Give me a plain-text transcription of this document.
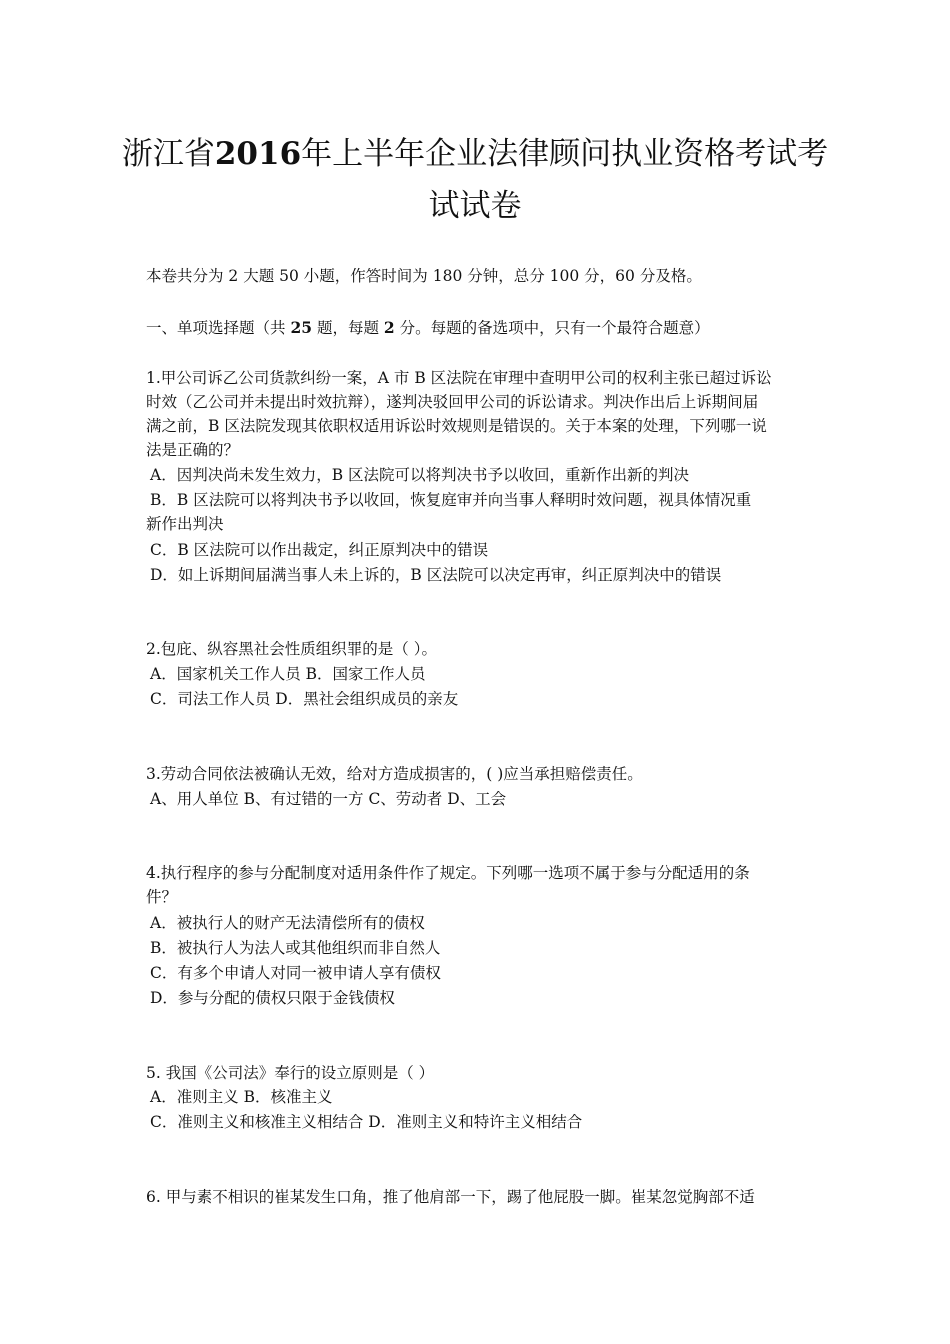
浙江省2016年上半年企业法律顾问执业资格考试考
试试卷
本卷共分为 2 大题 50 小题，作答时间为 180 分钟，总分 100 分，60 分及格。
一、单项选择题（共 25 题，每题 2 分。每题的备选项中，只有一个最符合题意）
1.甲公司诉乙公司货款纠纷一案，A 市 B 区法院在审理中查明甲公司的权利主张已超过诉讼
时效（乙公司并未提出时效抗辩），遂判决驳回甲公司的诉讼请求。判决作出后上诉期间届
满之前，B 区法院发现其依职权适用诉讼时效规则是错误的。关于本案的处理，下列哪一说
法是正确的？
A．因判决尚未发生效力，B 区法院可以将判决书予以收回，重新作出新的判决
B．B 区法院可以将判决书予以收回，恢复庭审并向当事人释明时效问题，视具体情况重
新作出判决
C．B 区法院可以作出裁定，纠正原判决中的错误
D．如上诉期间届满当事人未上诉的，B 区法院可以决定再审，纠正原判决中的错误
2.包庇、纵容黑社会性质组织罪的是（ ）。
A．国家机关工作人员 B．国家工作人员
C．司法工作人员 D．黑社会组织成员的亲友
3.劳动合同依法被确认无效，给对方造成损害的，( )应当承担赔偿责任。
A、用人单位 B、有过错的一方 C、劳动者 D、工会
4.执行程序的参与分配制度对适用条件作了规定。下列哪一选项不属于参与分配适用的条
件？
A．被执行人的财产无法清偿所有的债权
B．被执行人为法人或其他组织而非自然人
C．有多个申请人对同一被申请人享有债权
D．参与分配的债权只限于金钱债权
5. 我国《公司法》奉行的设立原则是（ ）
A．准则主义 B．核准主义
C．准则主义和核准主义相结合 D．准则主义和特许主义相结合
6. 甲与素不相识的崔某发生口角，推了他肩部一下，踢了他屁股一脚。崔某忽觉胸部不适
